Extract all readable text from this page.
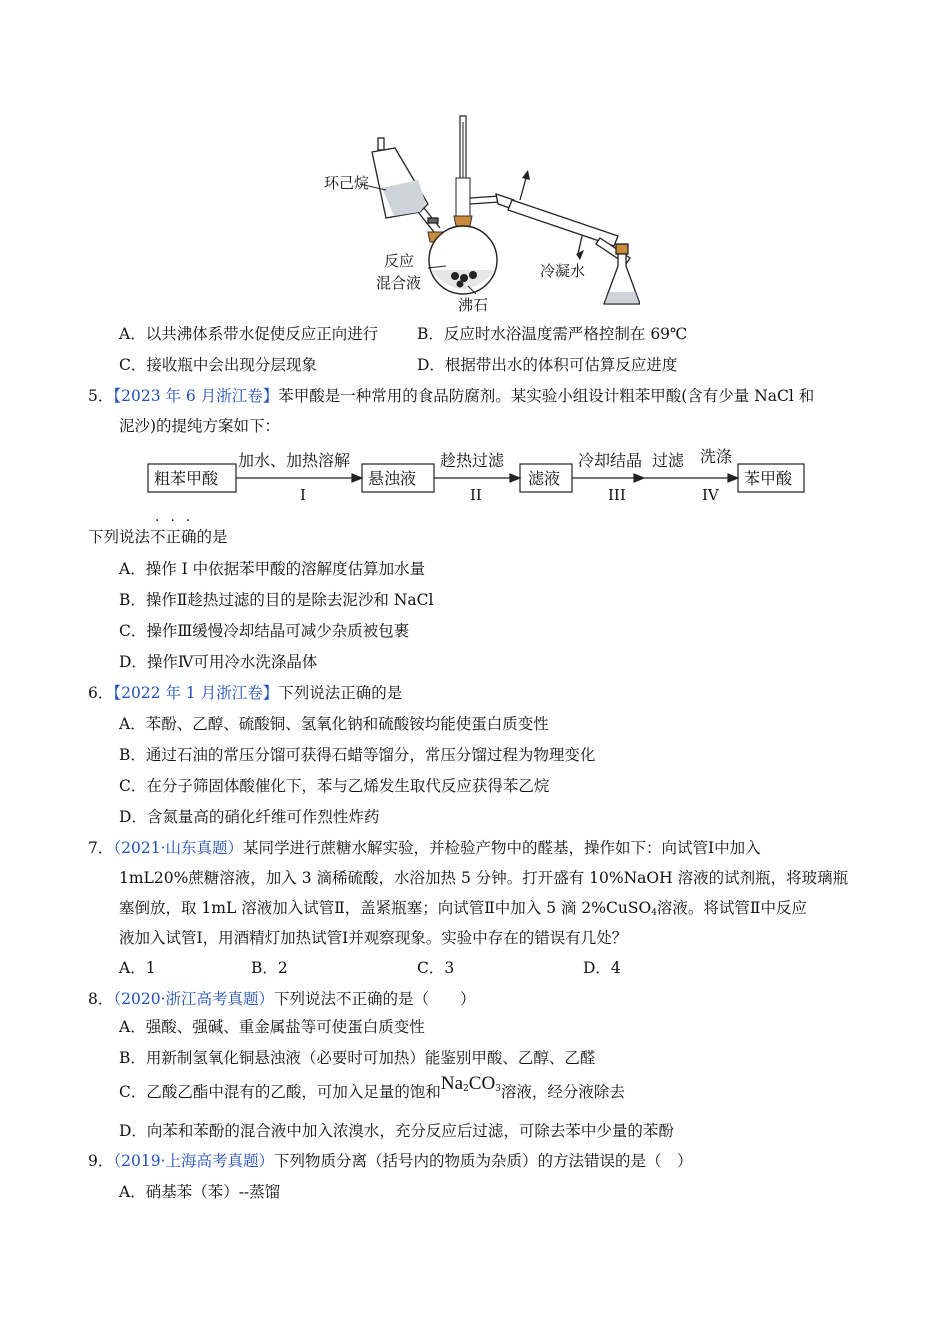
环己烷
反应
混合液
沸石
冷凝水
A．以共沸体系带水促使反应正向进行	B．反应时水浴温度需严格控制在 69℃
C．接收瓶中会出现分层现象	D．根据带出水的体积可估算反应进度
5．【2023 年 6 月浙江卷】苯甲酸是一种常用的食品防腐剂。某实验小组设计粗苯甲酸(含有少量 NaCl 和
泥沙)的提纯方案如下：
粗苯甲酸	悬浊液	滤液	苯甲酸
加水、加热溶解	趁热过滤	冷却结晶 过滤 洗涤
I	II	III	IV
···
下列说法不正确的是
A．操作 I 中依据苯甲酸的溶解度估算加水量
B．操作Ⅱ趁热过滤的目的是除去泥沙和 NaCl
C．操作Ⅲ缓慢冷却结晶可减少杂质被包裹
D．操作Ⅳ可用冷水洗涤晶体
6．【2022 年 1 月浙江卷】下列说法正确的是
A．苯酚、乙醇、硫酸铜、氢氧化钠和硫酸铵均能使蛋白质变性
B．通过石油的常压分馏可获得石蜡等馏分，常压分馏过程为物理变化
C．在分子筛固体酸催化下，苯与乙烯发生取代反应获得苯乙烷
D．含氮量高的硝化纤维可作烈性炸药
7．（2021·山东真题）某同学进行蔗糖水解实验，并检验产物中的醛基，操作如下：向试管Ⅰ中加入
1mL20%蔗糖溶液，加入 3 滴稀硫酸，水浴加热 5 分钟。打开盛有 10%NaOH 溶液的试剂瓶，将玻璃瓶
塞倒放，取 1mL 溶液加入试管Ⅱ，盖紧瓶塞；向试管Ⅱ中加入 5 滴 2%CuSO$_4$溶液。将试管Ⅱ中反应
液加入试管Ⅰ，用酒精灯加热试管Ⅰ并观察现象。实验中存在的错误有几处？
A．1	B．2	C．3	D．4
8．（2020·浙江高考真题）下列说法不正确的是（　　）
A．强酸、强碱、重金属盐等可使蛋白质变性
B．用新制氢氧化铜悬浊液（必要时可加热）能鉴别甲酸、乙醇、乙醛
C．乙酸乙酯中混有的乙酸，可加入足量的饱和$Na_2CO_3$溶液，经分液除去
D．向苯和苯酚的混合液中加入浓溴水，充分反应后过滤，可除去苯中少量的苯酚
9．（2019·上海高考真题）下列物质分离（括号内的物质为杂质）的方法错误的是（　）
A．硝基苯（苯）--蒸馏
